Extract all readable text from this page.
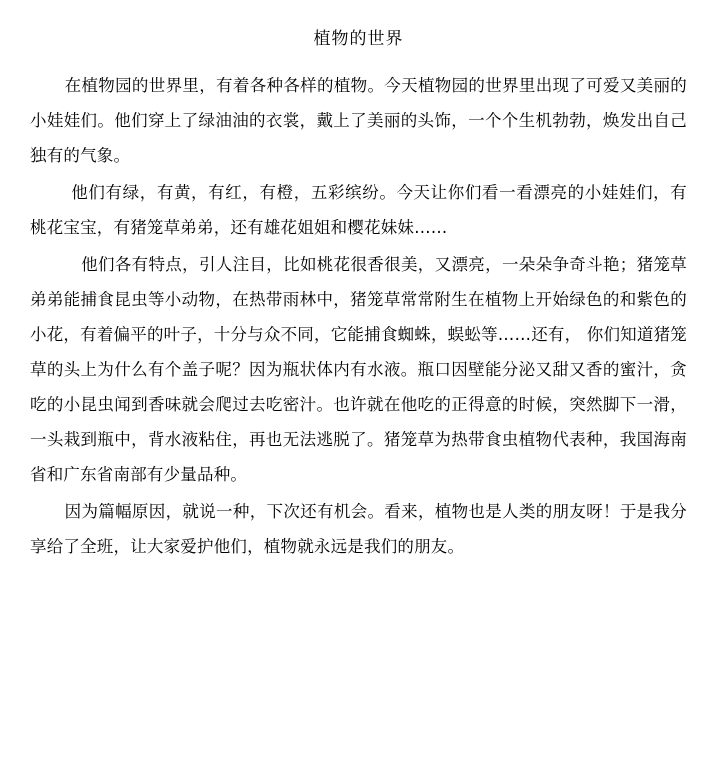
植物的世界

在植物园的世界里，有着各种各样的植物。今天植物园的世界里出现了可爱又美丽的小娃娃们。他们穿上了绿油油的衣裳，戴上了美丽的头饰，一个个生机勃勃，焕发出自己独有的气象。

他们有绿，有黄，有红，有橙，五彩缤纷。今天让你们看一看漂亮的小娃娃们，有桃花宝宝，有猪笼草弟弟，还有雄花姐姐和樱花妹妹……

他们各有特点，引人注目，比如桃花很香很美，又漂亮，一朵朵争奇斗艳；猪笼草弟弟能捕食昆虫等小动物，在热带雨林中，猪笼草常常附生在植物上开始绿色的和紫色的小花，有着偏平的叶子，十分与众不同，它能捕食蜘蛛，蜈蚣等……还有， 你们知道猪笼草的头上为什么有个盖子呢？因为瓶状体内有水液。瓶口因壁能分泌又甜又香的蜜汁，贪吃的小昆虫闻到香味就会爬过去吃密汁。也许就在他吃的正得意的时候，突然脚下一滑，一头栽到瓶中，背水液粘住，再也无法逃脱了。猪笼草为热带食虫植物代表种，我国海南省和广东省南部有少量品种。

因为篇幅原因，就说一种，下次还有机会。看来，植物也是人类的朋友呀！于是我分享给了全班，让大家爱护他们，植物就永远是我们的朋友。
